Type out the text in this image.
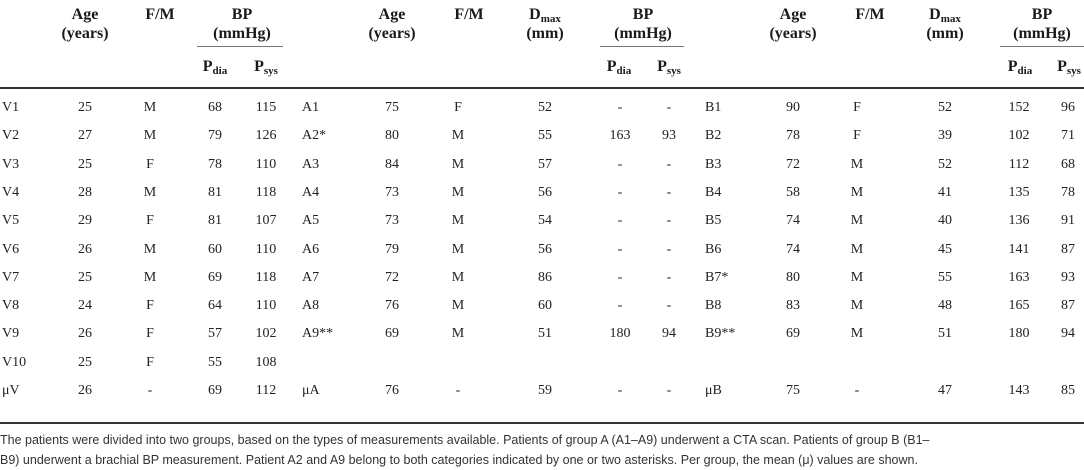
Age
(years)
F/M	BP
(mmHg)
$P_{dia}$ $P_{sys}$
Age
(years)
F/M	$D_{max}$
(mm)
BP
(mmHg)
$P_{dia}$ $P_{sys}$
Age
(years)
F/M	$D_{max}$
(mm)
BP
(mmHg)
$P_{dia}$ $P_{sys}$
V1	25	M	68 115
V2	27	M	79 126
V3	25	F	78 110
V4	28	M	81 118
V5	29	F	81 107
V6	26	M	60 110
V7	25	M	69 118
V8	24	F	64 110
V9	26	F	57 102
V10	25	F	55 108
μV	26	-	69 112
A1	75	F	52	-	-
A2*	80	M	55	163 93
A3	84	M	57	-	-
A4	73	M	56	-	-
A5	73	M	54	-	-
A6	79	M	56	-	-
A7	72	M	86	-	-
A8	76	M	60	-	-
A9**	69	M	51	180 94
μA	76	-	59	-	-
B1	90	F	52	152 96
B2	78	F	39	102 71
B3	72	M	52	112 68
B4	58	M	41	135 78
B5	74	M	40	136 91
B6	74	M	45	141 87
B7*	80	M	55	163 93
B8	83	M	48	165 87
B9**	69	M	51	180 94
μB	75	-	47	143 85
The patients were divided into two groups, based on the types of measurements available. Patients of group A (A1–A9) underwent a CTA scan. Patients of group B (B1–
B9) underwent a brachial BP measurement. Patient A2 and A9 belong to both categories indicated by one or two asterisks. Per group, the mean (μ) values are shown.
